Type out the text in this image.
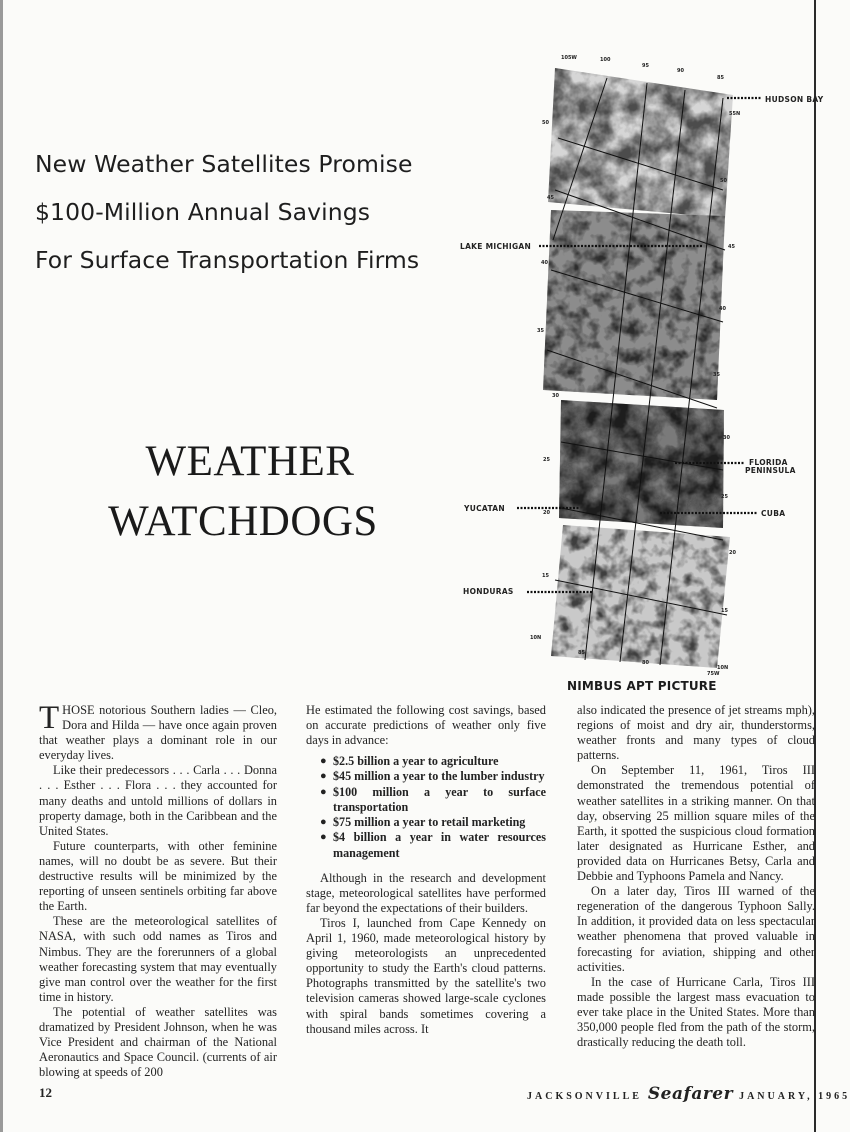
New Weather Satellites Promise
$100-Million Annual Savings
For Surface Transportation Firms
WEATHER
WATCHDOGS
HUDSON BAY
LAKE MICHIGAN
FLORIDA
PENINSULA
YUCATAN
CUBA
HONDURAS
105W	100
95
90
85
55N
50
45
40
35
30
25
20
15
10N
50
45
40
35
30
20
25
15
10N
85
80
75W
NIMBUS APT PICTURE

THOSE notorious Southern ladies — Cleo, Dora and Hilda — have once again proven that weather plays a dominant role in our everyday lives.

Like their predecessors . . . Carla . . . Donna . . . Esther . . . Flora . . . they accounted for many deaths and untold millions of dollars in property damage, both in the Caribbean and the United States.

Future counterparts, with other feminine names, will no doubt be as severe. But their destructive results will be minimized by the reporting of unseen sentinels orbiting far above the Earth.

These are the meteorological satellites of NASA, with such odd names as Tiros and Nimbus. They are the forerunners of a global weather forecasting system that may eventually give man control over the weather for the first time in history.

The potential of weather satellites was dramatized by President Johnson, when he was Vice President and chairman of the National Aeronautics and Space Council. (currents of air blowing at speeds of 200

He estimated the following cost savings, based on accurate predictions of weather only five days in advance:

● $2.5 billion a year to agriculture
● $45 million a year to the lumber industry
● $100 million a year to surface transportation
● $75 million a year to retail marketing
● $4 billion a year in water resources management

Although in the research and development stage, meteorological satellites have performed far beyond the expectations of their builders.

Tiros I, launched from Cape Kennedy on April 1, 1960, made meteorological history by giving meteorologists an unprecedented opportunity to study the Earth's cloud patterns. Photographs transmitted by the satellite's two television cameras showed large-scale cyclones with spiral bands sometimes covering a thousand miles across. It

also indicated the presence of jet streams mph), regions of moist and dry air, thunderstorms, weather fronts and many types of cloud patterns.

On September 11, 1961, Tiros III demonstrated the tremendous potential of weather satellites in a striking manner. On that day, observing 25 million square miles of the Earth, it spotted the suspicious cloud formation later designated as Hurricane Esther, and provided data on Hurricanes Betsy, Carla and Debbie and Typhoons Pamela and Nancy.

On a later day, Tiros III warned of the regeneration of the dangerous Typhoon Sally. In addition, it provided data on less spectacular weather phenomena that proved valuable in forecasting for aviation, shipping and other activities.

In the case of Hurricane Carla, Tiros III made possible the largest mass evacuation to ever take place in the United States. More than 350,000 people fled from the path of the storm, drastically reducing the death toll.

12	JACKSONVILLE Seafarer JANUARY, 1965
